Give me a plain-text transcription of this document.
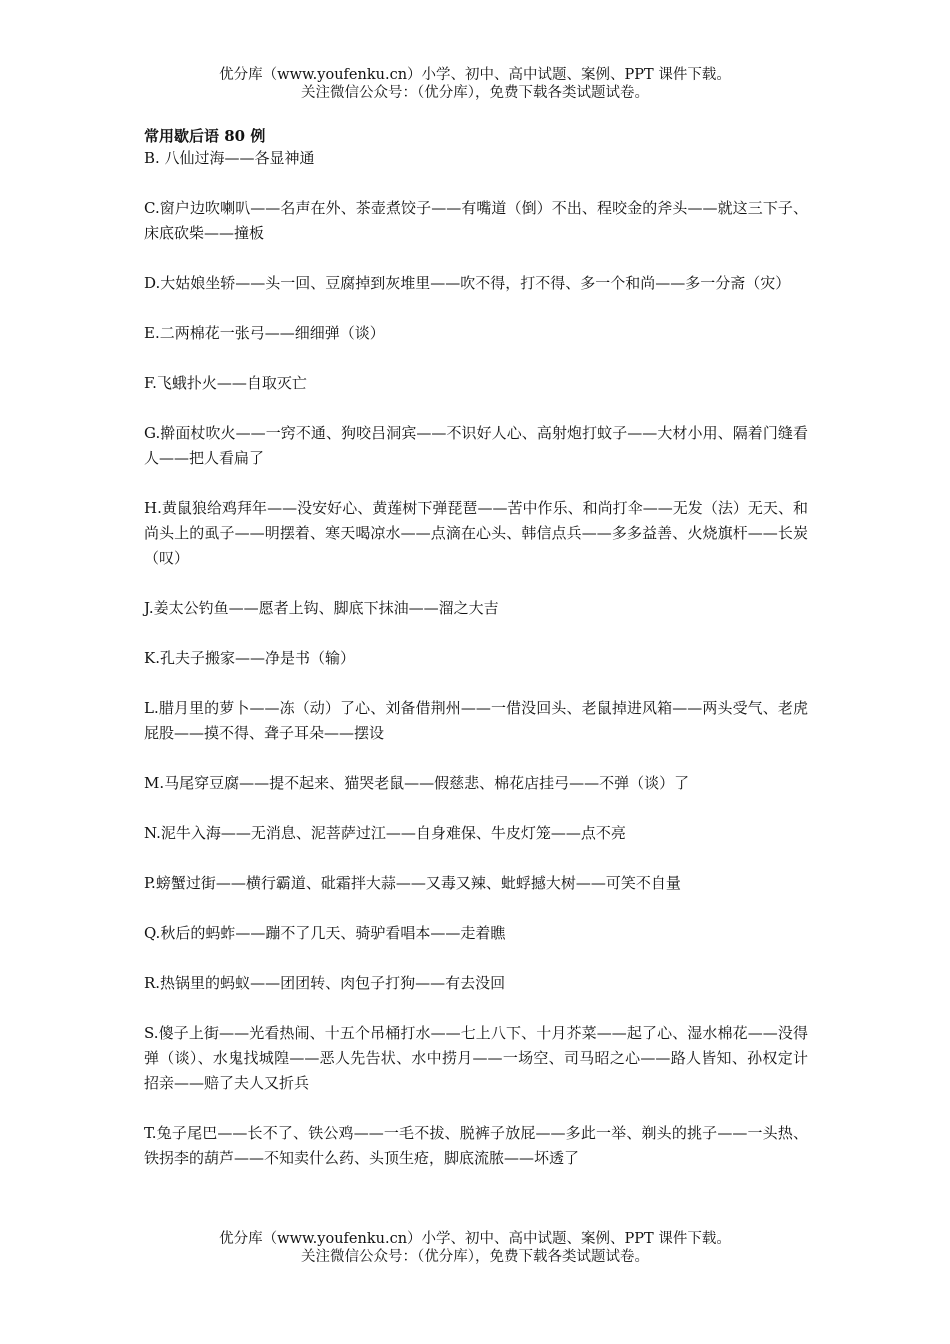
优分库（www.youfenku.cn）小学、初中、高中试题、案例、PPT 课件下载。
关注微信公众号：（优分库），免费下载各类试题试卷。

常用歇后语 80 例

B. 八仙过海——各显神通

C.窗户边吹喇叭——名声在外、茶壶煮饺子——有嘴道（倒）不出、程咬金的斧头——就这三下子、床底砍柴——撞板

D.大姑娘坐轿——头一回、豆腐掉到灰堆里——吹不得，打不得、多一个和尚——多一分斋（灾）

E.二两棉花一张弓——细细弹（谈）

F.飞蛾扑火——自取灭亡

G.擀面杖吹火——一窍不通、狗咬吕洞宾——不识好人心、高射炮打蚊子——大材小用、隔着门缝看人——把人看扁了

H.黄鼠狼给鸡拜年——没安好心、黄莲树下弹琵琶——苦中作乐、和尚打伞——无发（法）无天、和尚头上的虱子——明摆着、寒天喝凉水——点滴在心头、韩信点兵——多多益善、火烧旗杆——长炭（叹）

J.姜太公钓鱼——愿者上钩、脚底下抹油——溜之大吉

K.孔夫子搬家——净是书（输）

L.腊月里的萝卜——冻（动）了心、刘备借荆州——一借没回头、老鼠掉进风箱——两头受气、老虎屁股——摸不得、聋子耳朵——摆设

M.马尾穿豆腐——提不起来、猫哭老鼠——假慈悲、棉花店挂弓——不弹（谈）了

N.泥牛入海——无消息、泥菩萨过江——自身难保、牛皮灯笼——点不亮

P.螃蟹过街——横行霸道、砒霜拌大蒜——又毒又辣、蚍蜉撼大树——可笑不自量

Q.秋后的蚂蚱——蹦不了几天、骑驴看唱本——走着瞧

R.热锅里的蚂蚁——团团转、肉包子打狗——有去没回

S.傻子上街——光看热闹、十五个吊桶打水——七上八下、十月芥菜——起了心、湿水棉花——没得弹（谈）、水鬼找城隍——恶人先告状、水中捞月——一场空、司马昭之心——路人皆知、孙权定计招亲——赔了夫人又折兵

T.兔子尾巴——长不了、铁公鸡——一毛不拔、脱裤子放屁——多此一举、剃头的挑子——一头热、铁拐李的葫芦——不知卖什么药、头顶生疮，脚底流脓——坏透了

优分库（www.youfenku.cn）小学、初中、高中试题、案例、PPT 课件下载。
关注微信公众号：（优分库），免费下载各类试题试卷。
